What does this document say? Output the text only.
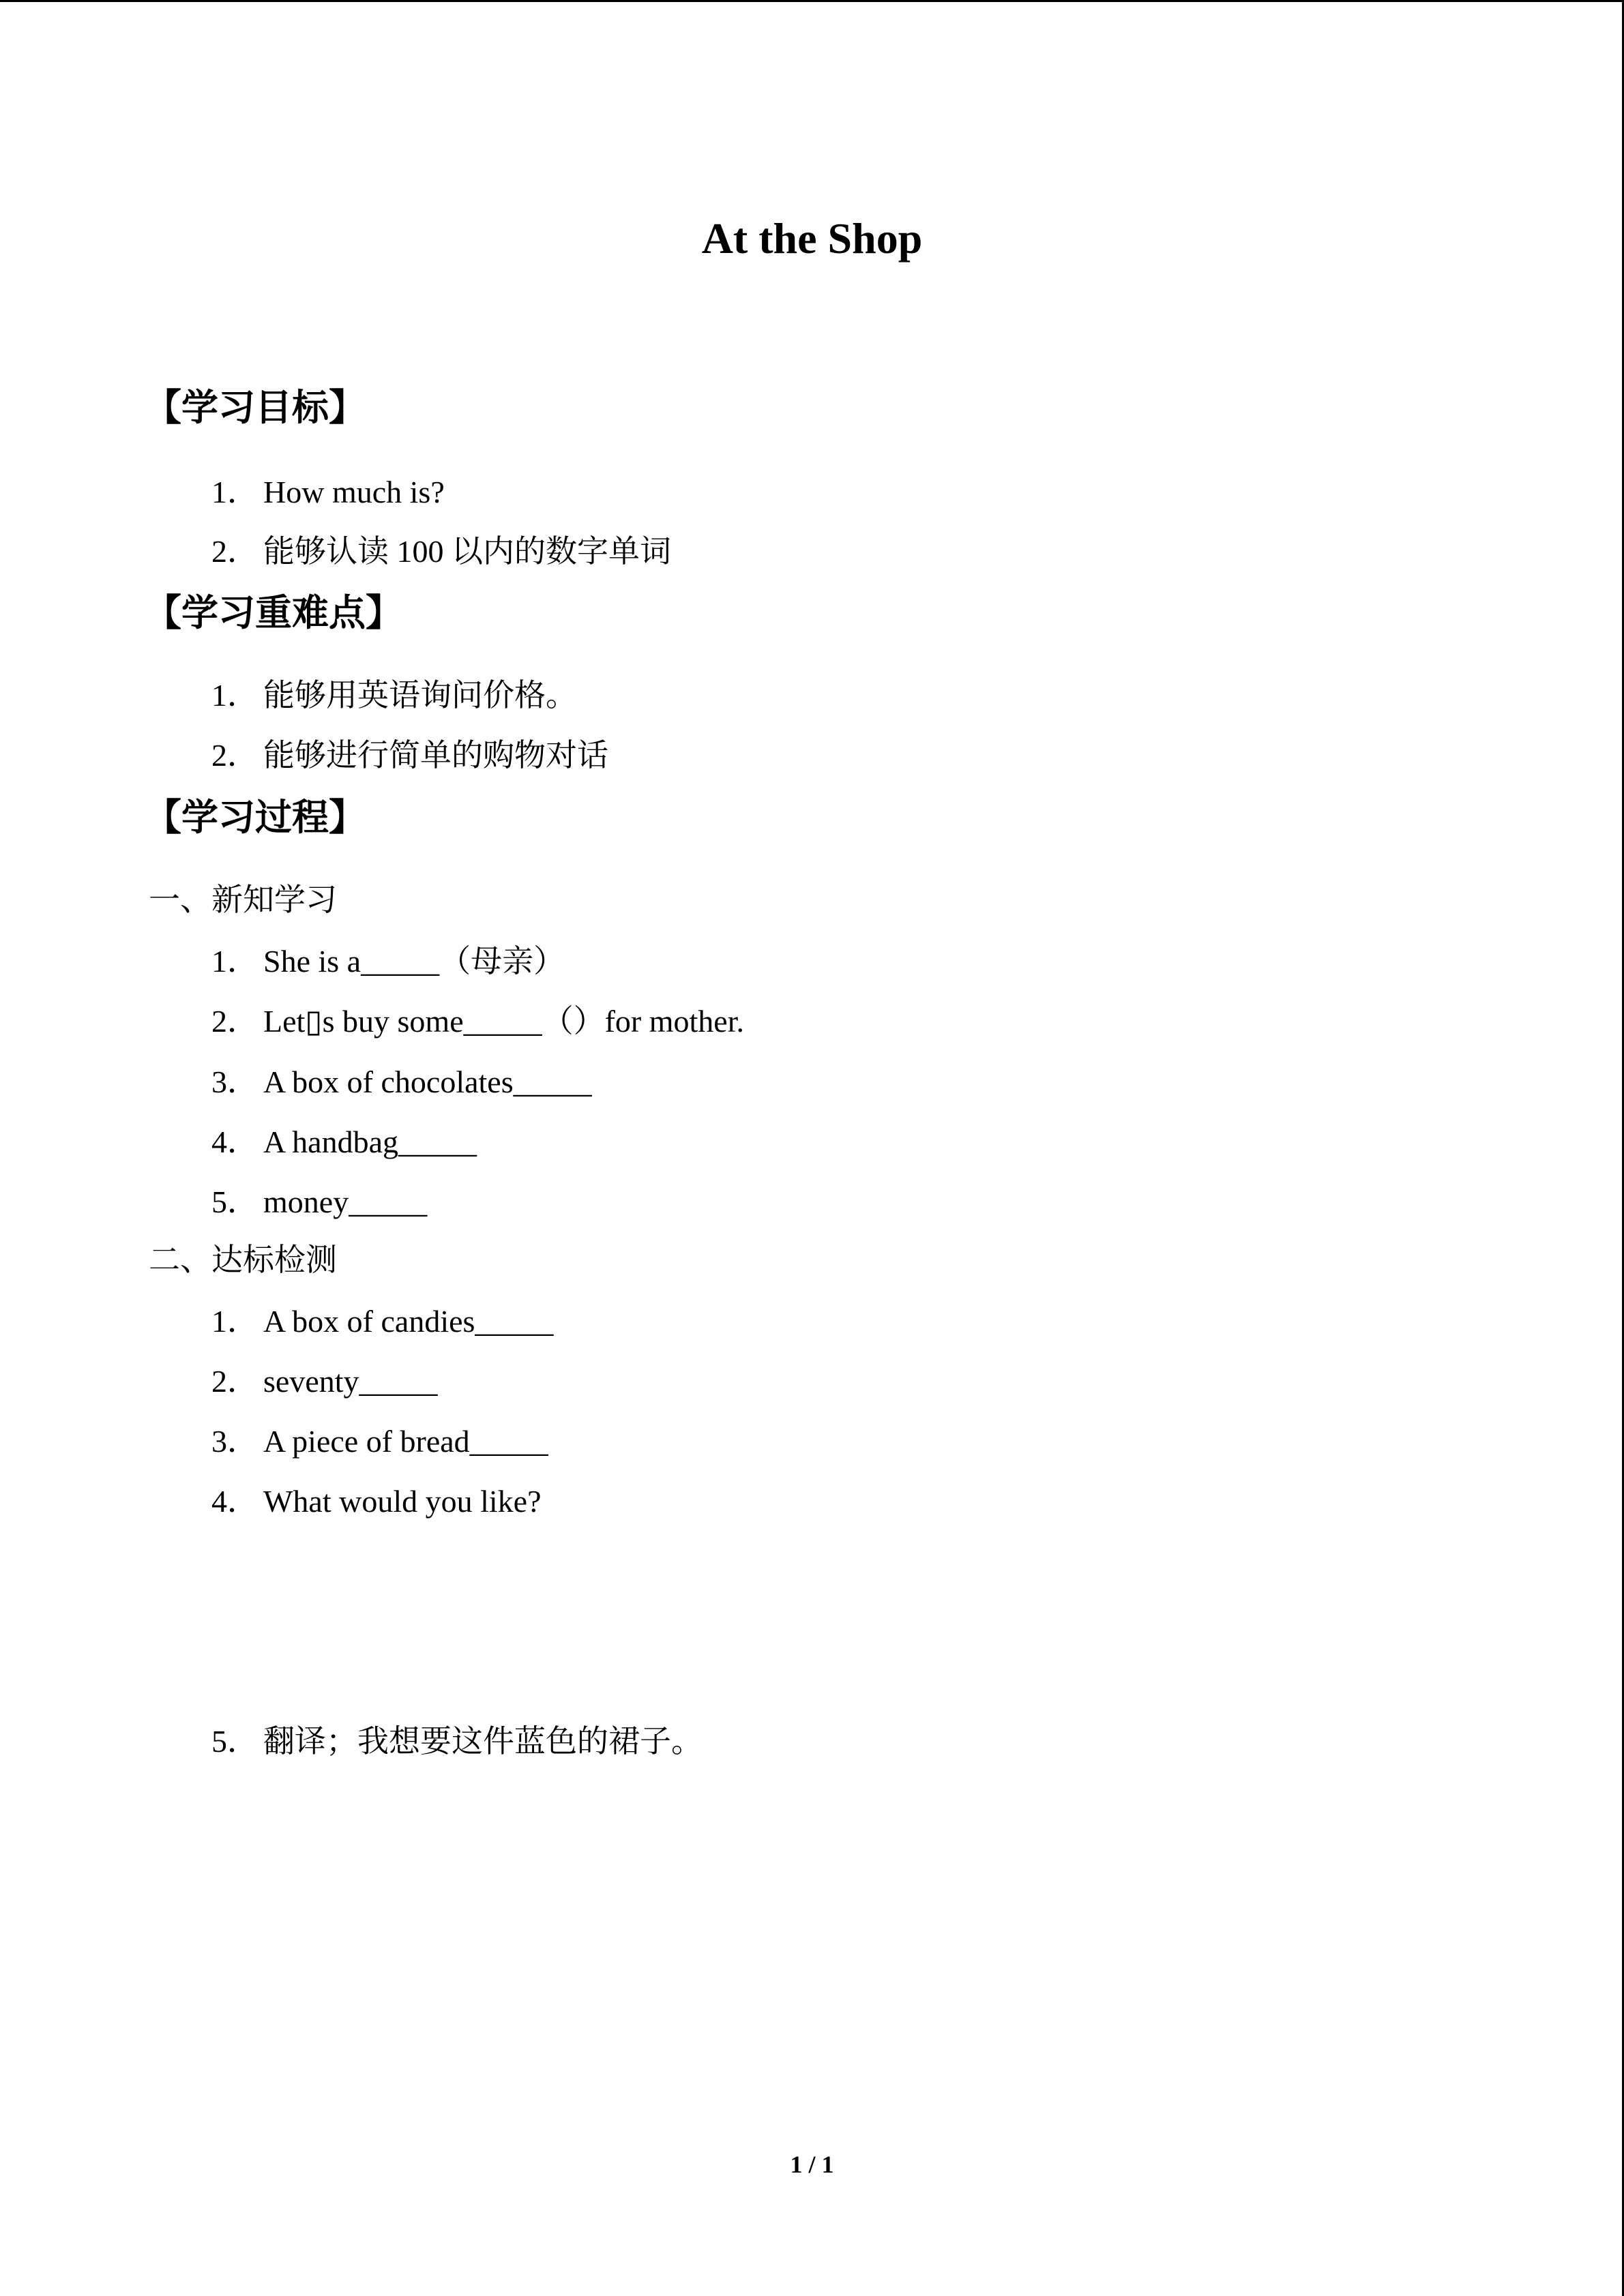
At the Shop
【学习目标】
1． How much is?
2． 能够认读 100 以内的数字单词
【学习重难点】
1． 能够用英语询问价格。
2． 能够进行简单的购物对话
【学习过程】
一、新知学习
1． She is a_____（母亲）
2． Let▯s buy some_____（）for mother.
3． A box of chocolates_____
4． A handbag_____
5． money_____
二、达标检测
1． A box of candies_____
2． seventy_____
3． A piece of bread_____
4． What would you like?
5． 翻译；我想要这件蓝色的裙子。
1 / 1
